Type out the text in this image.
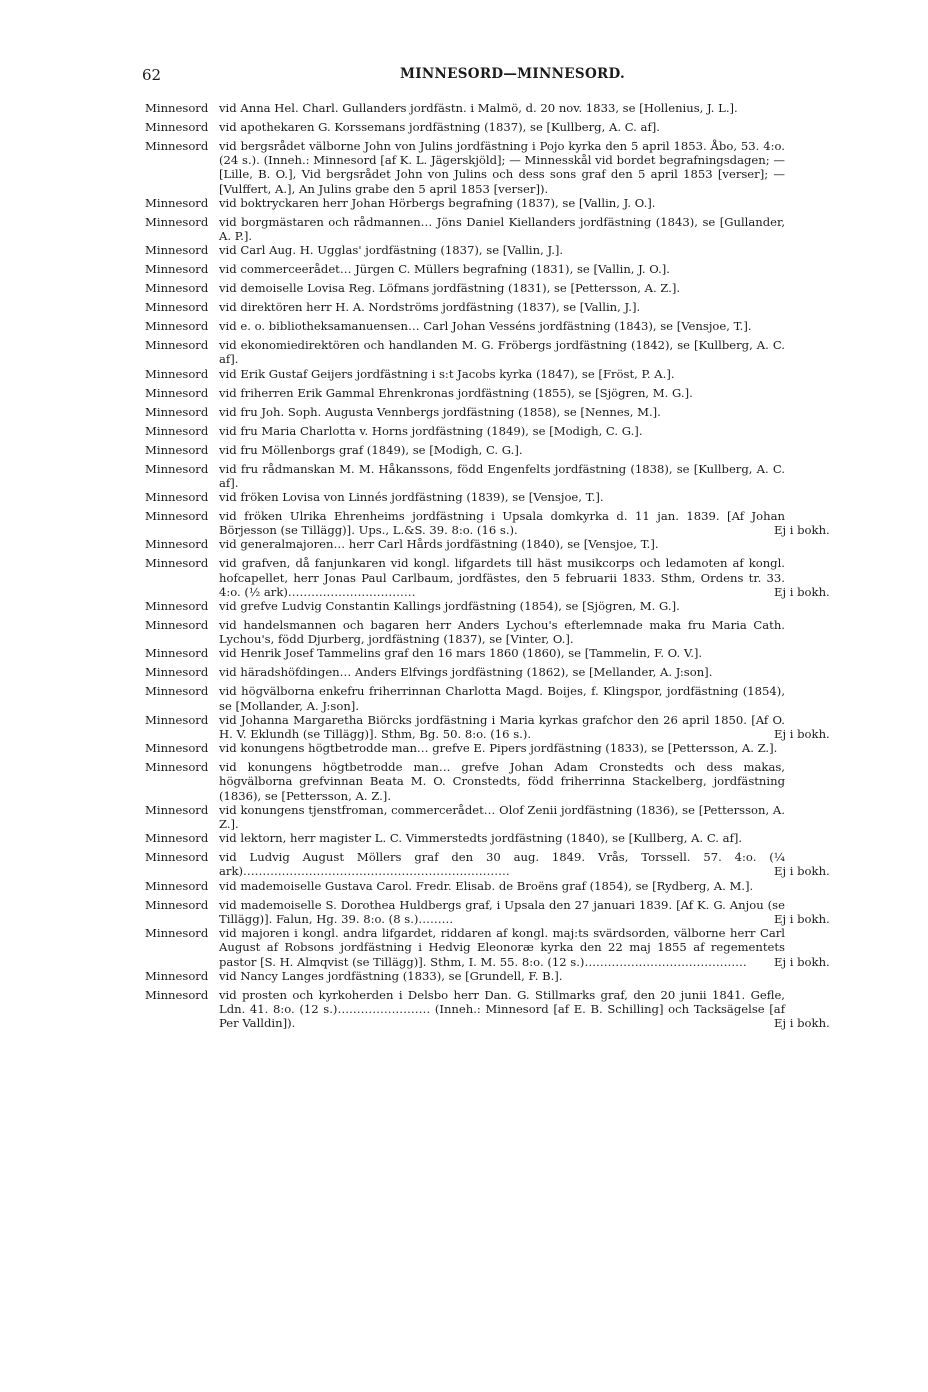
62	MINNESORD—MINNESORD.

Minnesord vid Anna Hel. Charl. Gullanders jordfästn. i Malmö, d. 20 nov. 1833, se [Hollenius, J. L.].

Minnesord vid apothekaren G. Korssemans jordfästning (1837), se [Kullberg, A. C. af].

Minnesord vid bergsrådet välborne John von Julins jordfästning i Pojo kyrka den 5 april 1853. Åbo, 53. 4:o. (24 s.). (Inneh.: Minnesord [af K. L. Jägerskjöld]; — Minnesskål vid bordet begrafningsdagen; — [Lille, B. O.], Vid bergsrådet John von Julins och dess sons graf den 5 april 1853 [verser]; — [Vulffert, A.], An Julins grabe den 5 april 1853 [verser]).

Minnesord vid boktryckaren herr Johan Hörbergs begrafning (1837), se [Vallin, J. O.].

Minnesord vid borgmästaren och rådmannen… Jöns Daniel Kiellanders jordfästning (1843), se [Gullander, A. P.].

Minnesord vid Carl Aug. H. Ugglas' jordfästning (1837), se [Vallin, J.].

Minnesord vid commerceerådet… Jürgen C. Müllers begrafning (1831), se [Vallin, J. O.].

Minnesord vid demoiselle Lovisa Reg. Löfmans jordfästning (1831), se [Pettersson, A. Z.].

Minnesord vid direktören herr H. A. Nordströms jordfästning (1837), se [Vallin, J.].

Minnesord vid e. o. bibliotheksamanuensen… Carl Johan Vesséns jordfästning (1843), se [Vensjoe, T.].

Minnesord vid ekonomiedirektören och handlanden M. G. Fröbergs jordfästning (1842), se [Kullberg, A. C. af].

Minnesord vid Erik Gustaf Geijers jordfästning i s:t Jacobs kyrka (1847), se [Fröst, P. A.].

Minnesord vid friherren Erik Gammal Ehrenkronas jordfästning (1855), se [Sjögren, M. G.].

Minnesord vid fru Joh. Soph. Augusta Vennbergs jordfästning (1858), se [Nennes, M.].

Minnesord vid fru Maria Charlotta v. Horns jordfästning (1849), se [Modigh, C. G.].

Minnesord vid fru Möllenborgs graf (1849), se [Modigh, C. G.].

Minnesord vid fru rådmanskan M. M. Håkanssons, född Engenfelts jordfästning (1838), se [Kullberg, A. C. af].

Minnesord vid fröken Lovisa von Linnés jordfästning (1839), se [Vensjoe, T.].

Minnesord vid fröken Ulrika Ehrenheims jordfästning i Upsala domkyrka d. 11 jan. 1839. [Af Johan Börjesson (se Tillägg)]. Ups., L.&S. 39. 8:o. (16 s.).	Ej i bokh.

Minnesord vid generalmajoren… herr Carl Hårds jordfästning (1840), se [Vensjoe, T.].

Minnesord vid grafven, då fanjunkaren vid kongl. lifgardets till häst musikcorps och ledamoten af kongl. hofcapellet, herr Jonas Paul Carlbaum, jordfästes, den 5 februarii 1833. Sthm, Ordens tr. 33. 4:o. (½ ark)……………………………	Ej i bokh.

Minnesord vid grefve Ludvig Constantin Kallings jordfästning (1854), se [Sjögren, M. G.].

Minnesord vid handelsmannen och bagaren herr Anders Lychou's efterlemnade maka fru Maria Cath. Lychou's, född Djurberg, jordfästning (1837), se [Vinter, O.].

Minnesord vid Henrik Josef Tammelins graf den 16 mars 1860 (1860), se [Tammelin, F. O. V.].

Minnesord vid häradshöfdingen… Anders Elfvings jordfästning (1862), se [Mellander, A. J:son].

Minnesord vid högvälborna enkefru friherrinnan Charlotta Magd. Boijes, f. Klingspor, jordfästning (1854), se [Mollander, A. J:son].

Minnesord vid Johanna Margaretha Biörcks jordfästning i Maria kyrkas grafchor den 26 april 1850. [Af O. H. V. Eklundh (se Tillägg)]. Sthm, Bg. 50. 8:o. (16 s.).	Ej i bokh.

Minnesord vid konungens högtbetrodde man… grefve E. Pipers jordfästning (1833), se [Pettersson, A. Z.].

Minnesord vid konungens högtbetrodde man… grefve Johan Adam Cronstedts och dess makas, högvälborna grefvinnan Beata M. O. Cronstedts, född friherrinna Stackelberg, jordfästning (1836), se [Pettersson, A. Z.].

Minnesord vid konungens tjenstfroman, commercerådet… Olof Zenii jordfästning (1836), se [Pettersson, A. Z.].

Minnesord vid lektorn, herr magister L. C. Vimmerstedts jordfästning (1840), se [Kullberg, A. C. af].

Minnesord vid Ludvig August Möllers graf den 30 aug. 1849. Vrås, Torssell. 57. 4:o. (¼ ark)……………………………………………………………	Ej i bokh.

Minnesord vid mademoiselle Gustava Carol. Fredr. Elisab. de Broëns graf (1854), se [Rydberg, A. M.].

Minnesord vid mademoiselle S. Dorothea Huldbergs graf, i Upsala den 27 januari 1839. [Af K. G. Anjou (se Tillägg)]. Falun, Hg. 39. 8:o. (8 s.)………	Ej i bokh.

Minnesord vid majoren i kongl. andra lifgardet, riddaren af kongl. maj:ts svärdsorden, välborne herr Carl August af Robsons jordfästning i Hedvig Eleonoræ kyrka den 22 maj 1855 af regementets pastor [S. H. Almqvist (se Tillägg)]. Sthm, I. M. 55. 8:o. (12 s.)…………………………………… Ej i bokh.

Minnesord vid Nancy Langes jordfästning (1833), se [Grundell, F. B.].

Minnesord vid prosten och kyrkoherden i Delsbo herr Dan. G. Stillmarks graf, den 20 junii 1841. Gefle, Ldn. 41. 8:o. (12 s.)…………………… (Inneh.: Minnesord [af E. B. Schilling] och Tacksägelse [af Per Valldin]).	Ej i bokh.
